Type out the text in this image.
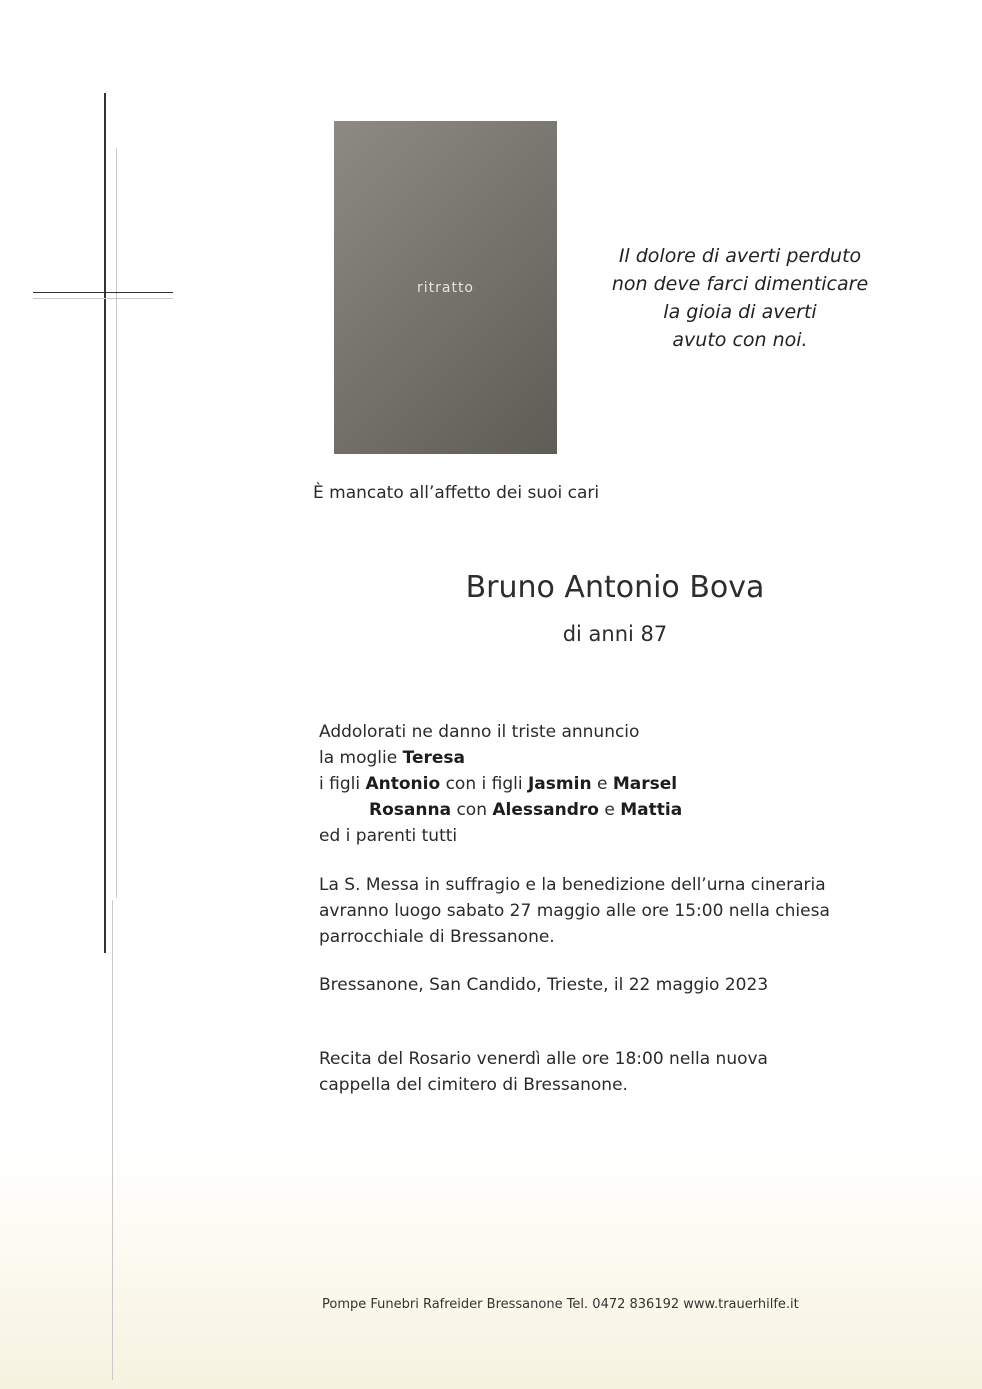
ritratto
Il dolore di averti perduto
non deve farci dimenticare
la gioia di averti
avuto con noi.
È mancato all’affetto dei suoi cari
Bruno Antonio Bova
di anni 87
Addolorati ne danno il triste annuncio
la moglie Teresa
i figli Antonio con i figli Jasmin e Marsel
Rosanna con Alessandro e Mattia
ed i parenti tutti
La S. Messa in suffragio e la benedizione dell’urna cineraria
avranno luogo sabato 27 maggio alle ore 15:00 nella chiesa
parrocchiale di Bressanone.
Bressanone, San Candido, Trieste, il 22 maggio 2023
Recita del Rosario venerdì alle ore 18:00 nella nuova
cappella del cimitero di Bressanone.
Pompe Funebri Rafreider Bressanone Tel. 0472 836192 www.trauerhilfe.it
